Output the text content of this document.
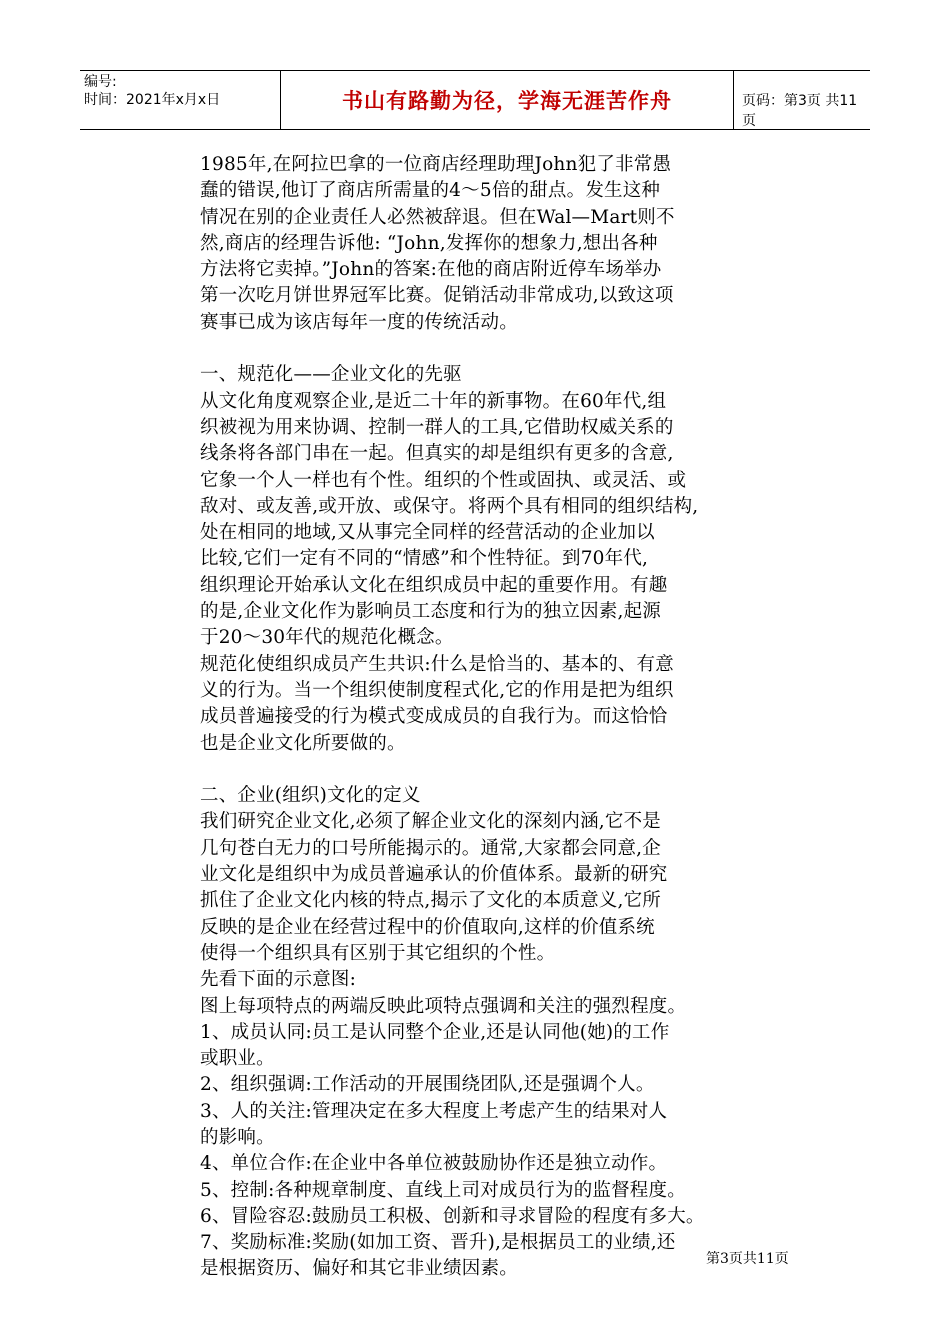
编号:
时间：2021年x月x日	书山有路勤为径，学海无涯苦作舟	页码：第3页 共11页

1985年,在阿拉巴拿的一位商店经理助理John犯了非常愚

蠢的错误,他订了商店所需量的4～5倍的甜点。发生这种

情况在别的企业责任人必然被辞退。但在Wal—Mart则不

然,商店的经理告诉他: “John,发挥你的想象力,想出各种

方法将它卖掉。”John的答案:在他的商店附近停车场举办

第一次吃月饼世界冠军比赛。促销活动非常成功,以致这项

赛事已成为该店每年一度的传统活动。

一、规范化——企业文化的先驱

从文化角度观察企业,是近二十年的新事物。在60年代,组

织被视为用来协调、控制一群人的工具,它借助权威关系的

线条将各部门串在一起。但真实的却是组织有更多的含意,

它象一个人一样也有个性。组织的个性或固执、或灵活、或

敌对、或友善,或开放、或保守。将两个具有相同的组织结构,

处在相同的地域,又从事完全同样的经营活动的企业加以

比较,它们一定有不同的“情感”和个性特征。到70年代,

组织理论开始承认文化在组织成员中起的重要作用。有趣

的是,企业文化作为影响员工态度和行为的独立因素,起源

于20～30年代的规范化概念。

规范化使组织成员产生共识:什么是恰当的、基本的、有意

义的行为。当一个组织使制度程式化,它的作用是把为组织

成员普遍接受的行为模式变成成员的自我行为。而这恰恰

也是企业文化所要做的。

二、企业(组织)文化的定义

我们研究企业文化,必须了解企业文化的深刻内涵,它不是

几句苍白无力的口号所能揭示的。通常,大家都会同意,企

业文化是组织中为成员普遍承认的价值体系。最新的研究

抓住了企业文化内核的特点,揭示了文化的本质意义,它所

反映的是企业在经营过程中的价值取向,这样的价值系统

使得一个组织具有区别于其它组织的个性。

先看下面的示意图:

图上每项特点的两端反映此项特点强调和关注的强烈程度。

1、成员认同:员工是认同整个企业,还是认同他(她)的工作

或职业。

2、组织强调:工作活动的开展围绕团队,还是强调个人。

3、人的关注:管理决定在多大程度上考虑产生的结果对人

的影响。

4、单位合作:在企业中各单位被鼓励协作还是独立动作。

5、控制:各种规章制度、直线上司对成员行为的监督程度。

6、冒险容忍:鼓励员工积极、创新和寻求冒险的程度有多大。

7、奖励标准:奖励(如加工资、晋升),是根据员工的业绩,还

是根据资历、偏好和其它非业绩因素。	第3页共11页
